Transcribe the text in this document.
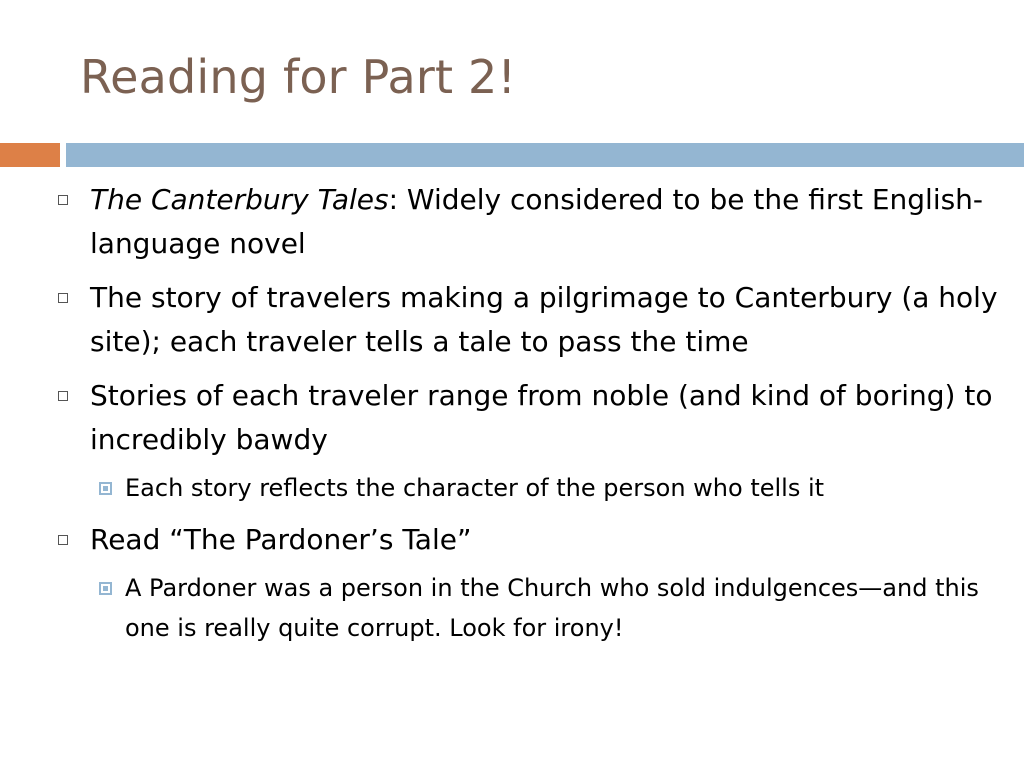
Reading for Part 2!
The Canterbury Tales: Widely considered to be the first English-language novel
The story of travelers making a pilgrimage to Canterbury (a holy site); each traveler tells a tale to pass the time
Stories of each traveler range from noble (and kind of boring) to incredibly bawdy
Each story reflects the character of the person who tells it
Read “The Pardoner’s Tale”
A Pardoner was a person in the Church who sold indulgences—and this one is really quite corrupt. Look for irony!
